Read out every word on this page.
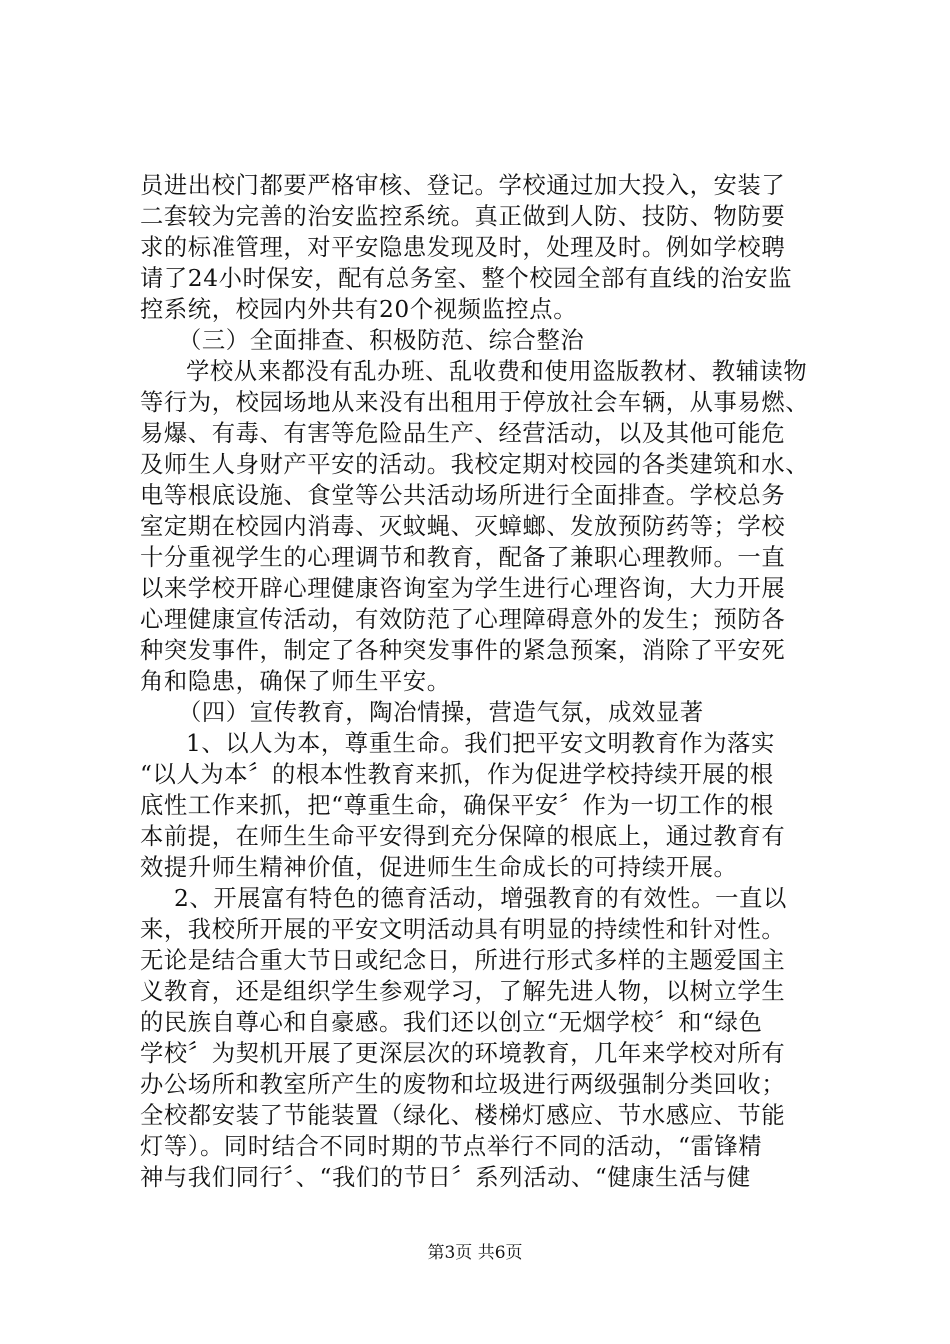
员进出校门都要严格审核、登记。学校通过加大投入，安装了
二套较为完善的治安监控系统。真正做到人防、技防、物防要
求的标准管理，对平安隐患发现及时，处理及时。例如学校聘
请了24小时保安，配有总务室、整个校园全部有直线的治安监
控系统，校园内外共有20个视频监控点。
（三）全面排查、积极防范、综合整治
学校从来都没有乱办班、乱收费和使用盗版教材、教辅读物
等行为，校园场地从来没有出租用于停放社会车辆，从事易燃、
易爆、有毒、有害等危险品生产、经营活动，以及其他可能危
及师生人身财产平安的活动。我校定期对校园的各类建筑和水、
电等根底设施、食堂等公共活动场所进行全面排查。学校总务
室定期在校园内消毒、灭蚊蝇、灭蟑螂、发放预防药等；学校
十分重视学生的心理调节和教育，配备了兼职心理教师。一直
以来学校开辟心理健康咨询室为学生进行心理咨询，大力开展
心理健康宣传活动，有效防范了心理障碍意外的发生；预防各
种突发事件，制定了各种突发事件的紧急预案，消除了平安死
角和隐患，确保了师生平安。
（四）宣传教育，陶冶情操，营造气氛，成效显著
1、以人为本，尊重生命。我们把平安文明教育作为落实
“以人为本〞的根本性教育来抓，作为促进学校持续开展的根
底性工作来抓，把“尊重生命，确保平安〞作为一切工作的根
本前提，在师生生命平安得到充分保障的根底上，通过教育有
效提升师生精神价值，促进师生生命成长的可持续开展。
2、开展富有特色的德育活动，增强教育的有效性。一直以
来，我校所开展的平安文明活动具有明显的持续性和针对性。
无论是结合重大节日或纪念日，所进行形式多样的主题爱国主
义教育，还是组织学生参观学习，了解先进人物，以树立学生
的民族自尊心和自豪感。我们还以创立“无烟学校〞和“绿色
学校〞为契机开展了更深层次的环境教育，几年来学校对所有
办公场所和教室所产生的废物和垃圾进行两级强制分类回收；
全校都安装了节能装置（绿化、楼梯灯感应、节水感应、节能
灯等）。同时结合不同时期的节点举行不同的活动，“雷锋精
神与我们同行〞、“我们的节日〞系列活动、“健康生活与健
第3页 共6页
